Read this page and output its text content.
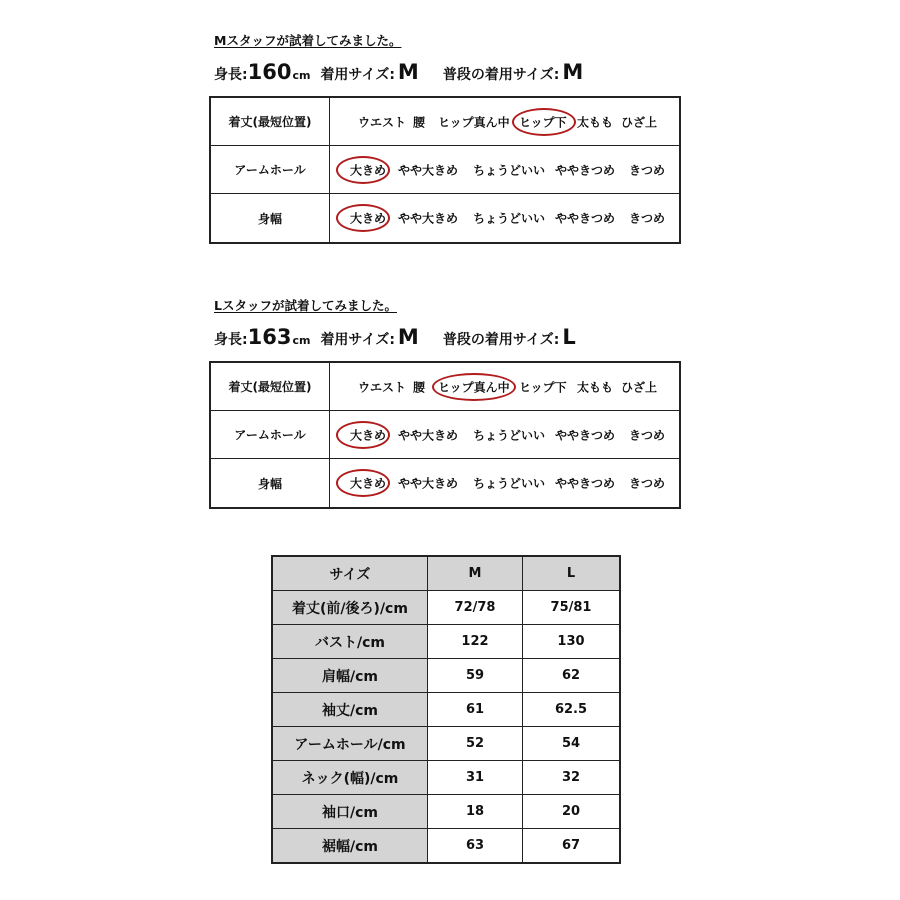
Mスタッフが試着してみました。
身長: 160 cm 着用サイズ: M 普段の着用サイズ: M
着丈(最短位置)	ウエスト 腰 ヒップ真ん中 ヒップ下 太もも ひざ上
アームホール	大きめ やや大きめ ちょうどいい ややきつめ きつめ
身幅	大きめ やや大きめ ちょうどいい ややきつめ きつめ
Lスタッフが試着してみました。
身長: 163 cm 着用サイズ: M 普段の着用サイズ: L
着丈(最短位置)	ウエスト 腰 ヒップ真ん中 ヒップ下 太もも ひざ上
アームホール	大きめ やや大きめ ちょうどいい ややきつめ きつめ
身幅	大きめ やや大きめ ちょうどいい ややきつめ きつめ
サイズ	M	L
着丈(前/後ろ)/cm	72/78	75/81
バスト/cm	122	130
肩幅/cm	59	62
袖丈/cm	61	62.5
アームホール/cm	52	54
ネック(幅)/cm	31	32
袖口/cm	18	20
裾幅/cm	63	67
